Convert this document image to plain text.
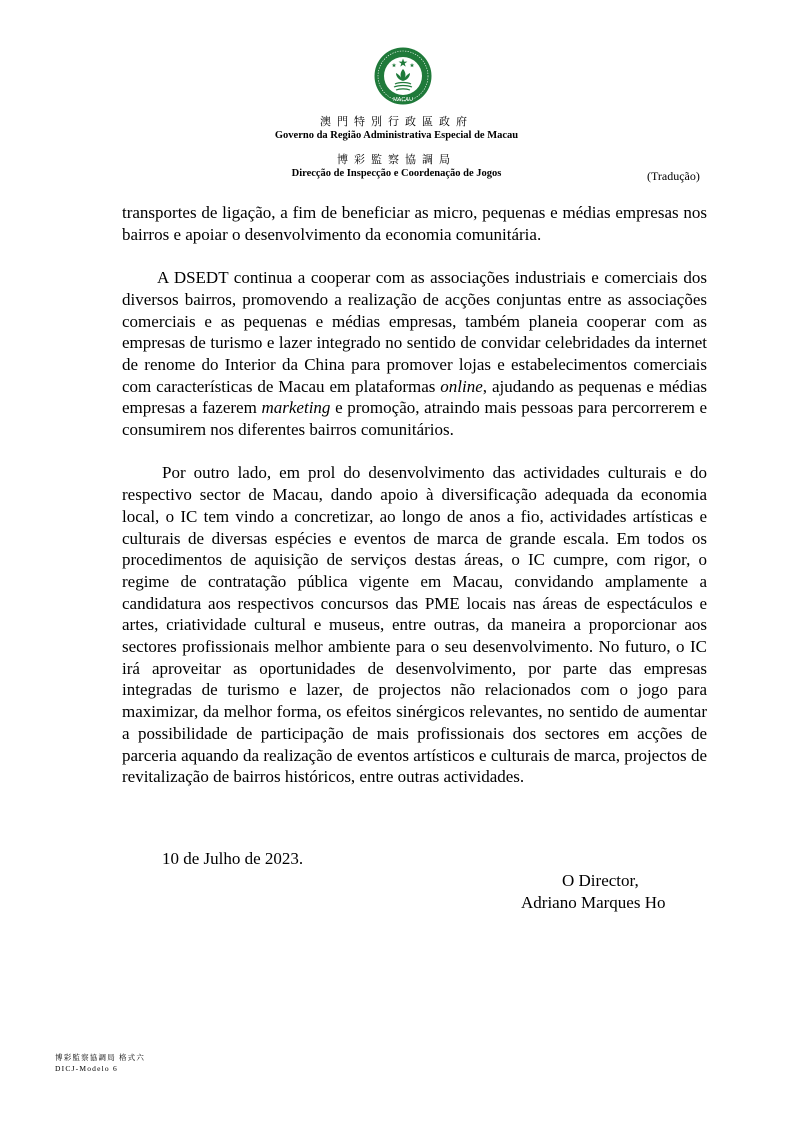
MACAU
澳門特別行政區政府
Governo da Região Administrativa Especial de Macau
博彩監察協調局
Direcção de Inspecção e Coordenação de Jogos	(Tradução)

transportes de ligação, a fim de beneficiar as micro, pequenas e médias empresas nos bairros e apoiar o desenvolvimento da economia comunitária.

A DSEDT continua a cooperar com as associações industriais e comerciais dos diversos bairros, promovendo a realização de acções conjuntas entre as associações comerciais e as pequenas e médias empresas, também planeia cooperar com as empresas de turismo e lazer integrado no sentido de convidar celebridades da internet de renome do Interior da China para promover lojas e estabelecimentos comerciais com características de Macau em plataformas online, ajudando as pequenas e médias empresas a fazerem marketing e promoção, atraindo mais pessoas para percorrerem e consumirem nos diferentes bairros comunitários.

Por outro lado, em prol do desenvolvimento das actividades culturais e do respectivo sector de Macau, dando apoio à diversificação adequada da economia local, o IC tem vindo a concretizar, ao longo de anos a fio, actividades artísticas e culturais de diversas espécies e eventos de marca de grande escala. Em todos os procedimentos de aquisição de serviços destas áreas, o IC cumpre, com rigor, o regime de contratação pública vigente em Macau, convidando amplamente a candidatura aos respectivos concursos das PME locais nas áreas de espectáculos e artes, criatividade cultural e museus, entre outras, da maneira a proporcionar aos sectores profissionais melhor ambiente para o seu desenvolvimento. No futuro, o IC irá aproveitar as oportunidades de desenvolvimento, por parte das empresas integradas de turismo e lazer, de projectos não relacionados com o jogo para maximizar, da melhor forma, os efeitos sinérgicos relevantes, no sentido de aumentar a possibilidade de participação de mais profissionais dos sectores em acções de parceria aquando da realização de eventos artísticos e culturais de marca, projectos de revitalização de bairros históricos, entre outras actividades.

10 de Julho de 2023.
O Director,
Adriano Marques Ho
博彩監察協調局 格式六
DICJ-Modelo 6
